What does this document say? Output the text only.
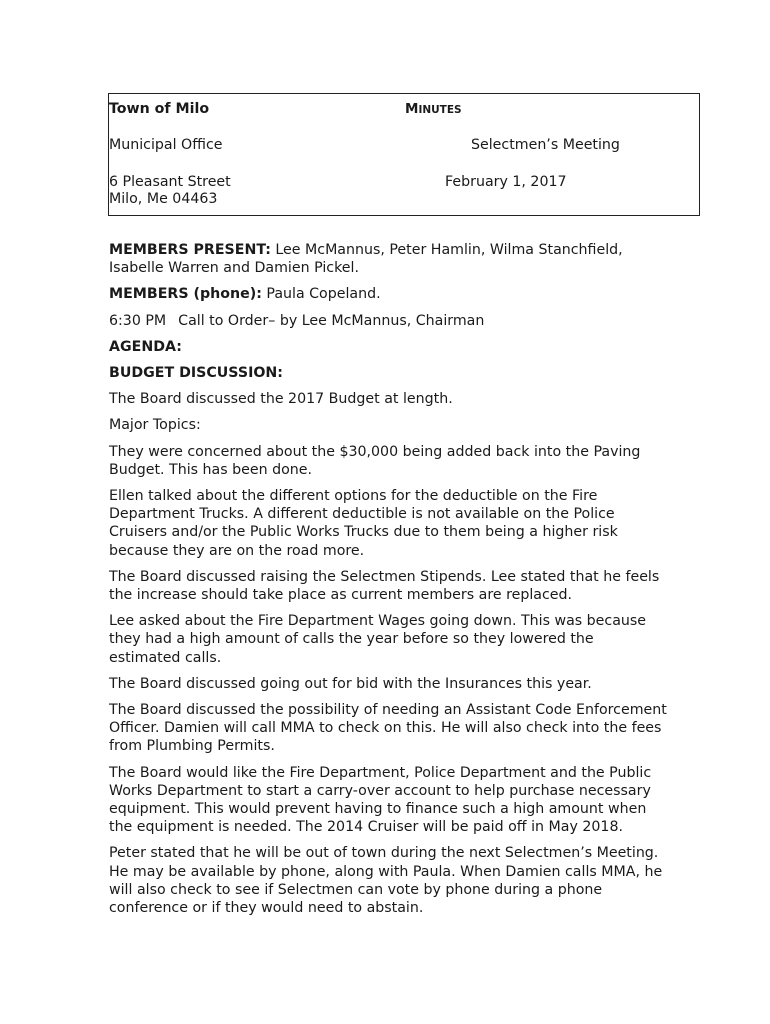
Town of Milo	MINUTES
Municipal Office	Selectmen’s Meeting
6 Pleasant Street
Milo, Me 04463
February 1, 2017

MEMBERS PRESENT: Lee McMannus, Peter Hamlin, Wilma Stanchfield, Isabelle Warren and Damien Pickel.

MEMBERS (phone): Paula Copeland.

6:30 PM Call to Order– by Lee McMannus, Chairman

AGENDA:

BUDGET DISCUSSION:

The Board discussed the 2017 Budget at length.

Major Topics:

They were concerned about the $30,000 being added back into the Paving Budget. This has been done.

Ellen talked about the different options for the deductible on the Fire Department Trucks. A different deductible is not available on the Police Cruisers and/or the Public Works Trucks due to them being a higher risk because they are on the road more.

The Board discussed raising the Selectmen Stipends. Lee stated that he feels the increase should take place as current members are replaced.

Lee asked about the Fire Department Wages going down. This was because they had a high amount of calls the year before so they lowered the estimated calls.

The Board discussed going out for bid with the Insurances this year.

The Board discussed the possibility of needing an Assistant Code Enforcement Officer. Damien will call MMA to check on this. He will also check into the fees from Plumbing Permits.

The Board would like the Fire Department, Police Department and the Public Works Department to start a carry-over account to help purchase necessary equipment. This would prevent having to finance such a high amount when the equipment is needed. The 2014 Cruiser will be paid off in May 2018.

Peter stated that he will be out of town during the next Selectmen’s Meeting. He may be available by phone, along with Paula. When Damien calls MMA, he will also check to see if Selectmen can vote by phone during a phone conference or if they would need to abstain.
